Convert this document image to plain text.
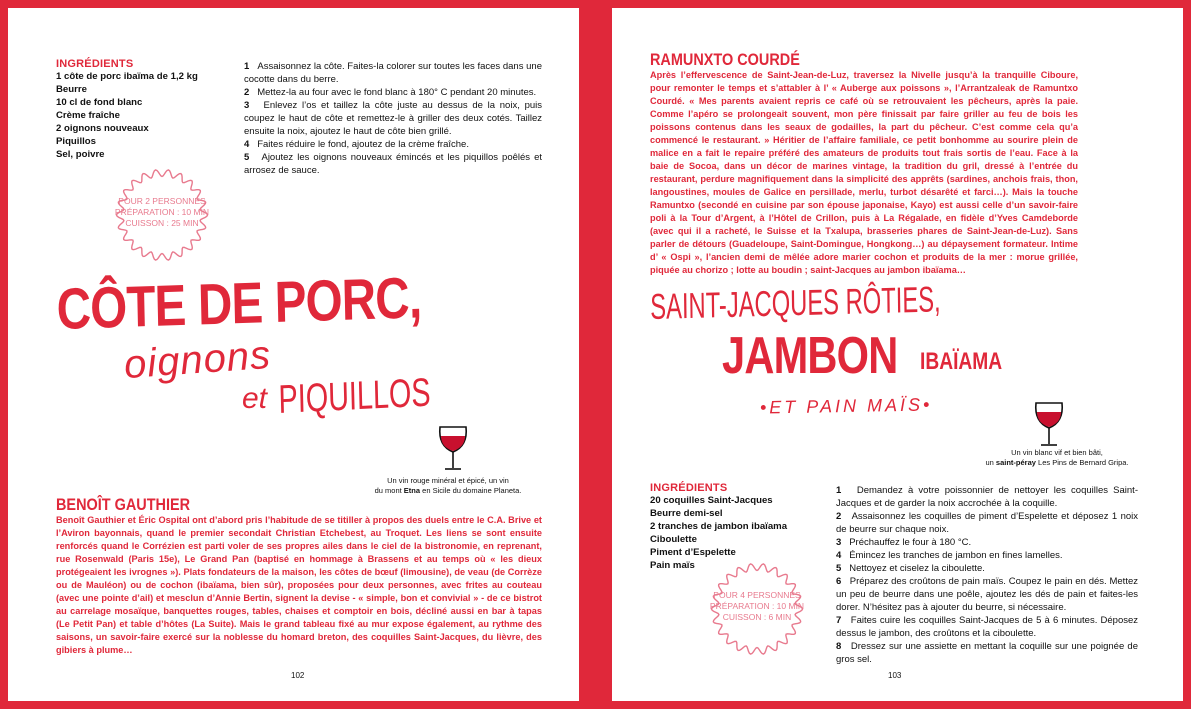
INGRÉDIENTS
1 côte de porc ibaïma de 1,2 kg
Beurre
10 cl de fond blanc
Crème fraîche
2 oignons nouveaux
Piquillos
Sel, poivre
1 Assaisonnez la côte. Faites-la colorer sur toutes les faces dans une cocotte dans du berre.
2 Mettez-la au four avec le fond blanc à 180° C pendant 20 minutes.
3 Enlevez l’os et taillez la côte juste au dessus de la noix, puis coupez le haut de côte et remettez-le à griller des deux cotés. Taillez ensuite la noix, ajoutez le haut de côte bien grillé.
4 Faites réduire le fond, ajoutez de la crème fraîche.
5 Ajoutez les oignons nouveaux émincés et les piquillos poêlés et arrosez de sauce.
POUR 2 PERSONNES
PRÉPARATION : 10 MIN
CUISSON : 25 MIN
CÔTE DE PORC,
oignons
et PIQUILLOS
Un vin rouge minéral et épicé, un vin
du mont Etna en Sicile du domaine Planeta.
BENOÎT GAUTHIER
Benoît Gauthier et Éric Ospital ont d’abord pris l’habitude de se titiller à propos des duels entre le C.A. Brive et l’Aviron bayonnais, quand le premier secondait Christian Etchebest, au Troquet. Les liens se sont ensuite renforcés quand le Corrézien est parti voler de ses propres ailes dans le ciel de la bistronomie, en reprenant, rue Rosenwald (Paris 15e), Le Grand Pan (baptisé en hommage à Brassens et au temps où « les dieux protégeaient les ivrognes »). Plats fondateurs de la maison, les côtes de bœuf (limousine), de veau (de Corrèze ou de Mauléon) ou de cochon (ibaïama, bien sûr), proposées pour deux personnes, avec frites au couteau (avec une pointe d’ail) et mesclun d’Annie Bertin, signent la devise - « simple, bon et convivial » - de ce bistrot au carrelage mosaïque, banquettes rouges, tables, chaises et comptoir en bois, décliné aussi en bar à tapas (Le Petit Pan) et table d’hôtes (La Suite). Mais le grand tableau fixé au mur expose également, au rythme des saisons, un savoir-faire exercé sur la noblesse du homard breton, des coquilles Saint-Jacques, du lièvre, des gibiers à plume…
102
RAMUNXTO COURDÉ
Après l’effervescence de Saint-Jean-de-Luz, traversez la Nivelle jusqu’à la tranquille Ciboure, pour remonter le temps et s’attabler à l’ « Auberge aux poissons », l’Arrantzaleak de Ramuntxo Courdé. « Mes parents avaient repris ce café où se retrouvaient les pêcheurs, après la paie. Comme l’apéro se prolongeait souvent, mon père finissait par faire griller au feu de bois les poissons contenus dans les seaux de godailles, la part du pêcheur. C’est comme cela qu’a commencé le restaurant. » Héritier de l’affaire familiale, ce petit bonhomme au sourire plein de malice en a fait le repaire préféré des amateurs de produits tout frais sortis de l’eau. Face à la baie de Socoa, dans un décor de marines vintage, la tradition du gril, dressé à l’entrée du restaurant, perdure magnifiquement dans la simplicité des apprêts (sardines, anchois frais, thon, langoustines, moules de Galice en persillade, merlu, turbot désarêté et farci…). Mais la touche Ramuntxo (secondé en cuisine par son épouse japonaise, Kayo) est aussi celle d’un savoir-faire poli à la Tour d’Argent, à l’Hôtel de Crillon, puis à La Régalade, en fidèle d’Yves Camdeborde (avec qui il a racheté, le Suisse et la Txalupa, brasseries phares de Saint-Jean-de-Luz). Sans parler de détours (Guadeloupe, Saint-Domingue, Hongkong…) au dépaysement formateur. Intime d’ « Ospi », l’ancien demi de mêlée adore marier cochon et produits de la mer : morue grillée, piquée au chorizo ; lotte au boudin ; saint-Jacques au jambon ibaïama…
SAINT-JACQUES RÔTIES,
JAMBON IBAÏAMA
•ET PAIN MAÏS•
Un vin blanc vif et bien bâti,
un saint-péray Les Pins de Bernard Gripa.
INGRÉDIENTS
20 coquilles Saint-Jacques
Beurre demi-sel
2 tranches de jambon ibaïama
Ciboulette
Piment d’Espelette
Pain maïs
1 Demandez à votre poissonnier de nettoyer les coquilles Saint-Jacques et de garder la noix accrochée à la coquille.
2 Assaisonnez les coquilles de piment d’Espelette et déposez 1 noix de beurre sur chaque noix.
3 Préchauffez le four à 180 °C.
4 Émincez les tranches de jambon en fines lamelles.
5 Nettoyez et ciselez la ciboulette.
6 Préparez des croûtons de pain maïs. Coupez le pain en dés. Mettez un peu de beurre dans une poêle, ajoutez les dés de pain et faites-les dorer. N’hésitez pas à ajouter du beurre, si nécessaire.
7 Faites cuire les coquilles Saint-Jacques de 5 à 6 minutes. Déposez dessus le jambon, des croûtons et la ciboulette.
8 Dressez sur une assiette en mettant la coquille sur une poignée de gros sel.
POUR 4 PERSONNES
PRÉPARATION : 10 MIN
CUISSON : 6 MIN
103
